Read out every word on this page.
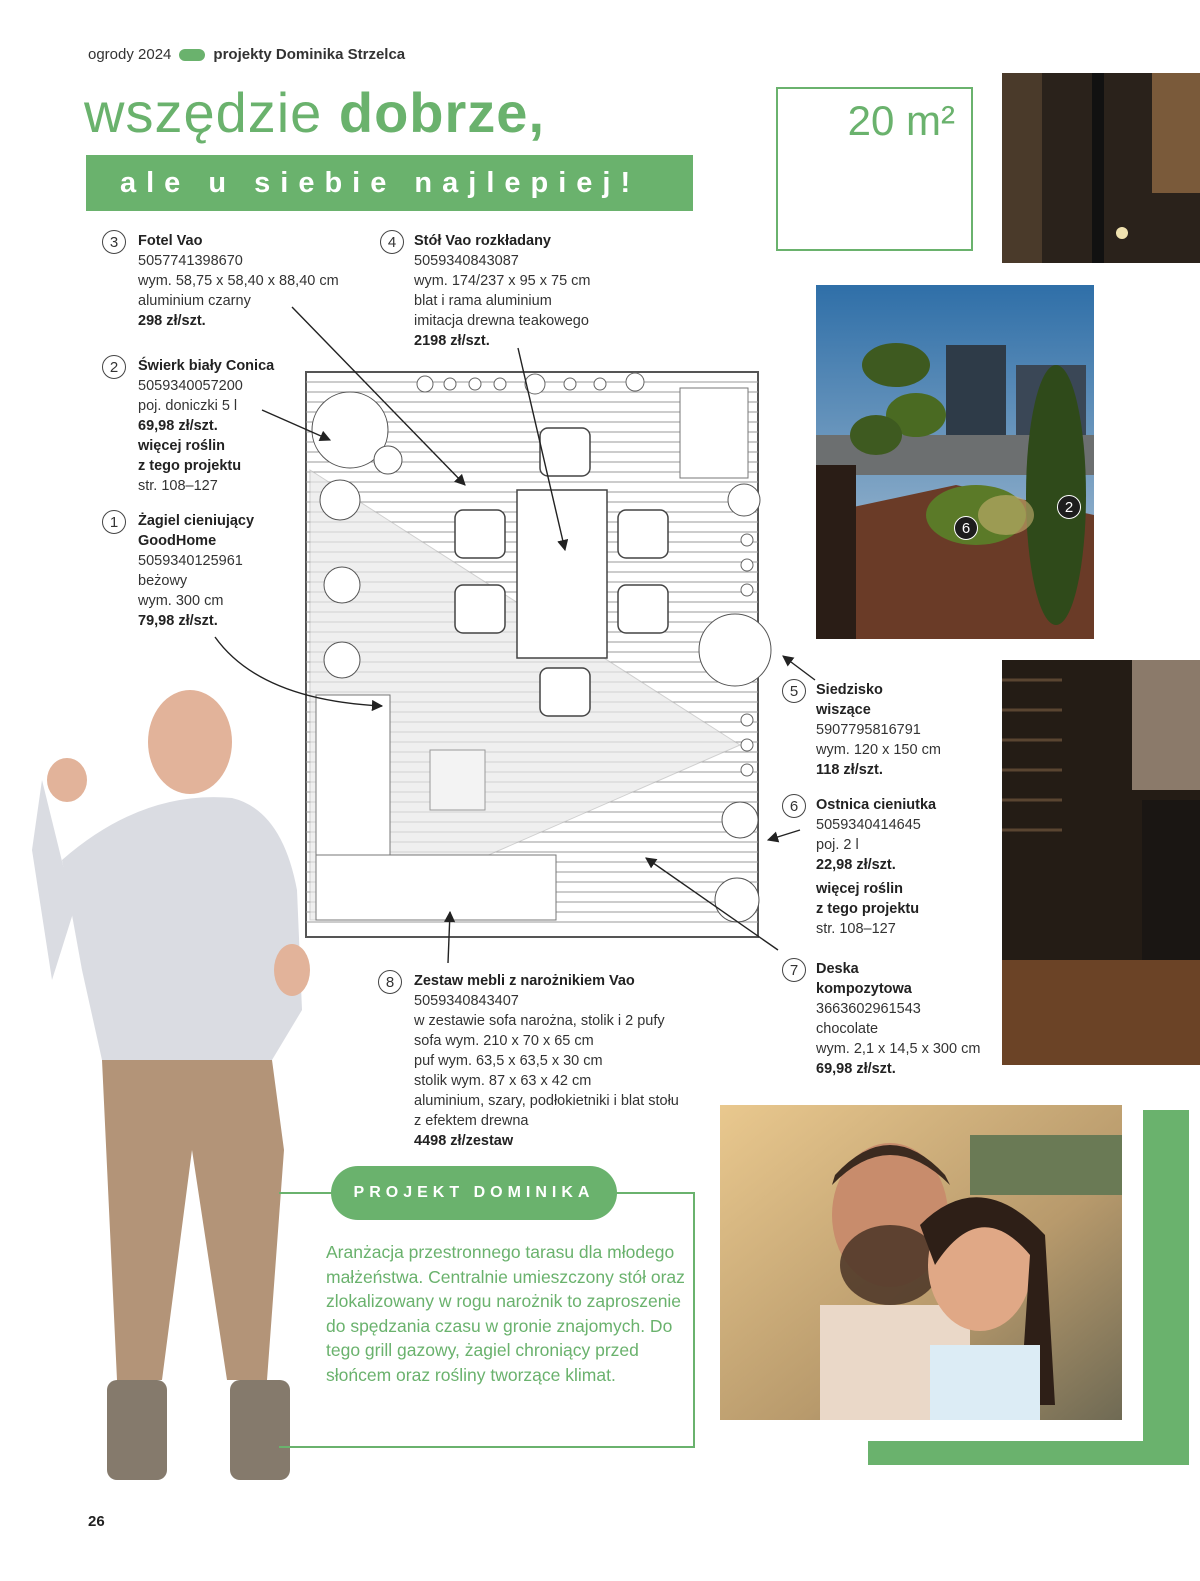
ogrody 2024	projekty Dominika Strzelca
wszędzie dobrze,
ale u siebie najlepiej!
20 m²
6
2
3	Fotel Vao
5057741398670
wym. 58,75 x 58,40 x 88,40 cm
aluminium czarny
298 zł/szt.
4	Stół Vao rozkładany
5059340843087
wym. 174/237 x 95 x 75 cm
blat i rama aluminium
imitacja drewna teakowego
2198 zł/szt.
2	Świerk biały Conica
5059340057200
poj. doniczki 5 l
69,98 zł/szt.
więcej roślin
z tego projektu
str. 108–127
1	Żagiel cieniujący GoodHome
5059340125961
beżowy
wym. 300 cm
79,98 zł/szt.
5	Siedzisko wiszące
5907795816791
wym. 120 x 150 cm
118 zł/szt.
6	Ostnica cieniutka
5059340414645
poj. 2 l
22,98 zł/szt.
więcej roślin
z tego projektu
str. 108–127
7	Deska kompozytowa
3663602961543
chocolate
wym. 2,1 x 14,5 x 300 cm
69,98 zł/szt.
8	Zestaw mebli z narożnikiem Vao
5059340843407
w zestawie sofa narożna, stolik i 2 pufy
sofa wym. 210 x 70 x 65 cm
puf wym. 63,5 x 63,5 x 30 cm
stolik wym. 87 x 63 x 42 cm
aluminium, szary, podłokietniki i blat stołu
z efektem drewna
4498 zł/zestaw
PROJEKT DOMINIKA
Aranżacja przestronnego tarasu dla młodego małżeństwa. Centralnie umieszczony stół oraz zlokalizowany w rogu narożnik to zaproszenie do spędzania czasu w gronie znajomych. Do tego grill gazowy, żagiel chroniący przed słońcem oraz rośliny tworzące klimat.
26
